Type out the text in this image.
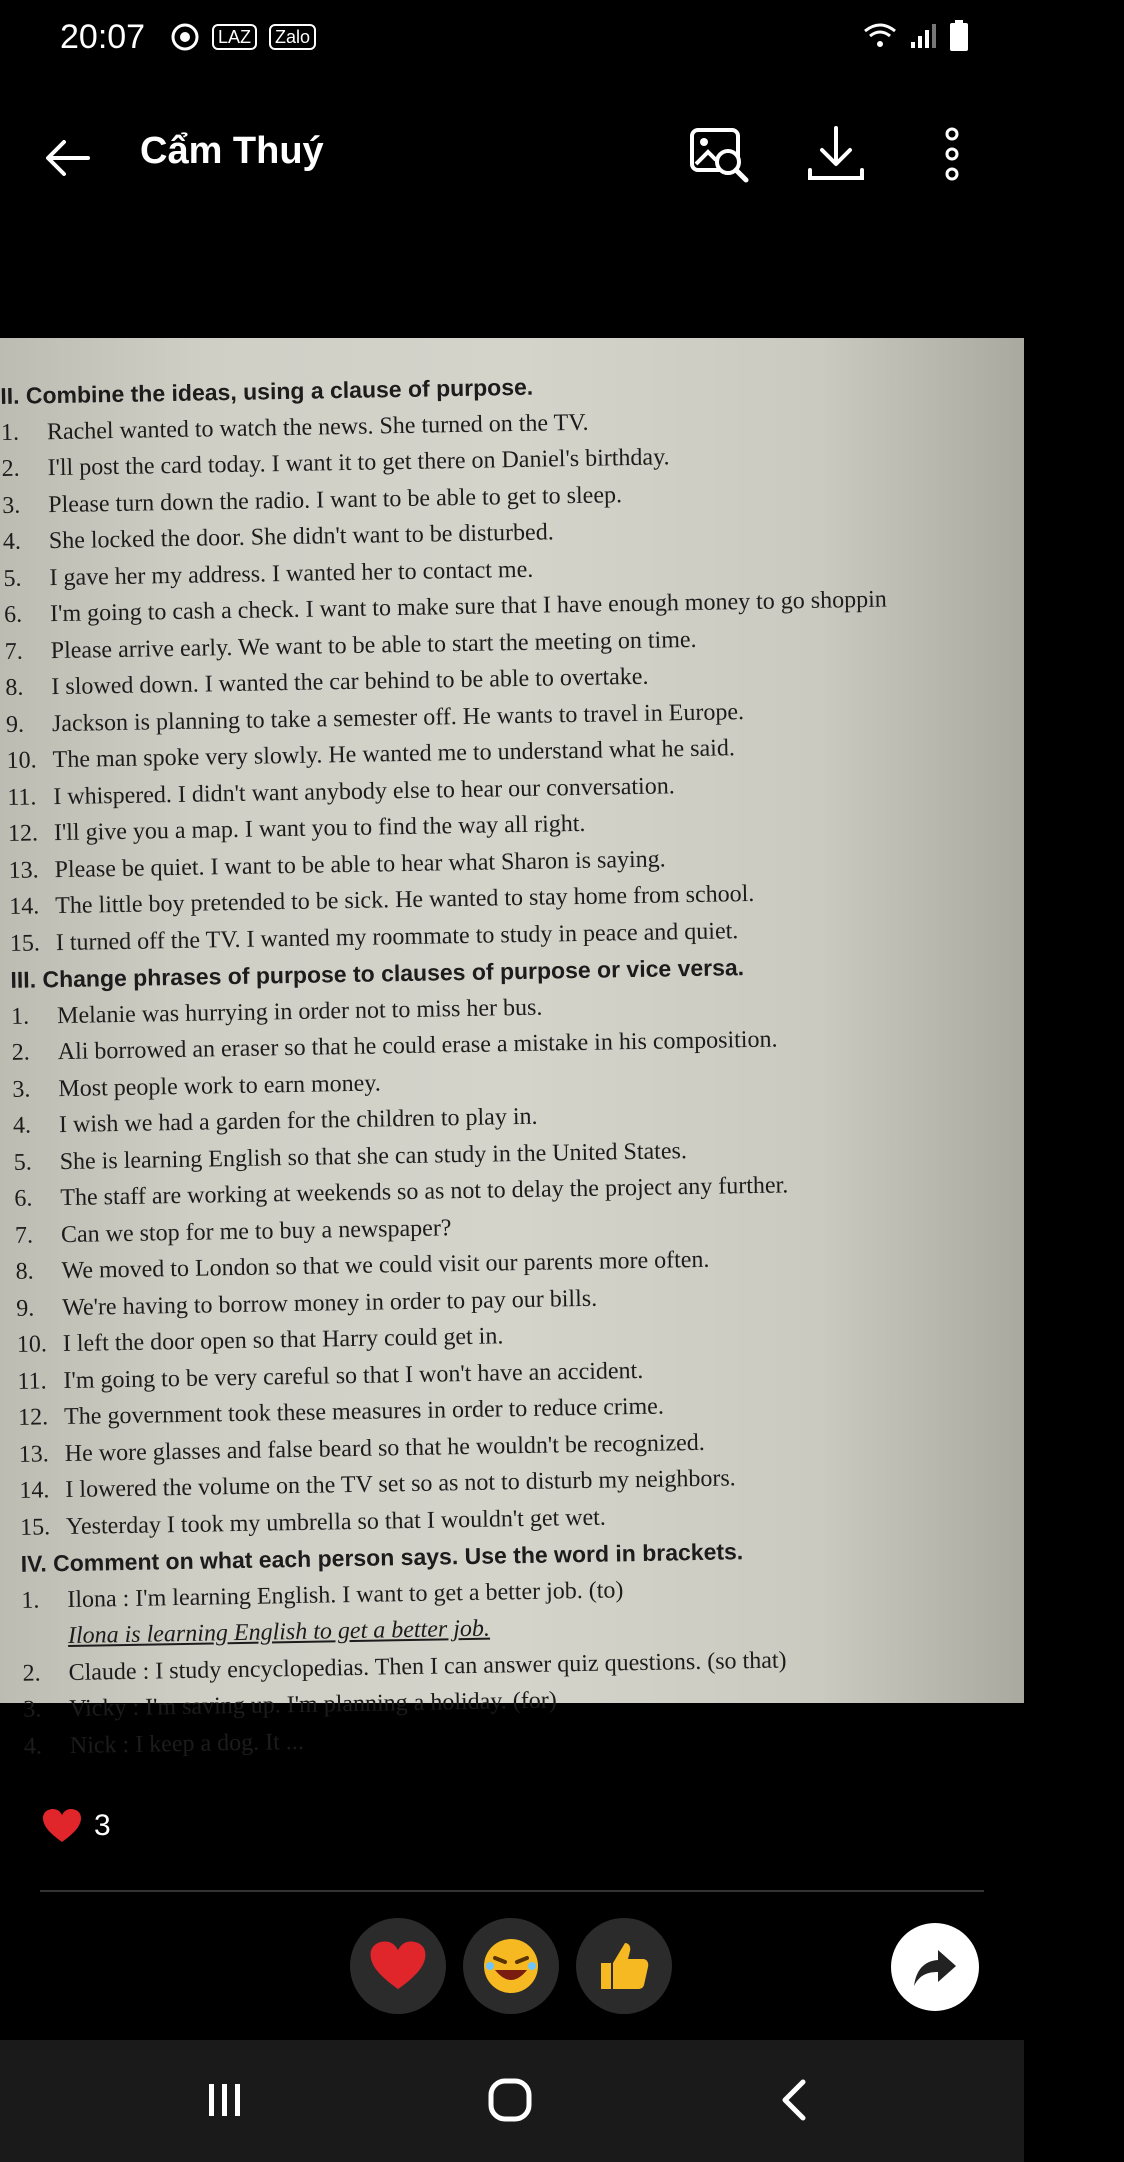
20:07	LAZ	Zalo
Cẩm Thuý
II. Combine the ideas, using a clause of purpose.
1. Rachel wanted to watch the news. She turned on the TV.
2. I'll post the card today. I want it to get there on Daniel's birthday.
3. Please turn down the radio. I want to be able to get to sleep.
4. She locked the door. She didn't want to be disturbed.
5. I gave her my address. I wanted her to contact me.
6. I'm going to cash a check. I want to make sure that I have enough money to go shoppin
7. Please arrive early. We want to be able to start the meeting on time.
8. I slowed down. I wanted the car behind to be able to overtake.
9. Jackson is planning to take a semester off. He wants to travel in Europe.
10. The man spoke very slowly. He wanted me to understand what he said.
11. I whispered. I didn't want anybody else to hear our conversation.
12. I'll give you a map. I want you to find the way all right.
13. Please be quiet. I want to be able to hear what Sharon is saying.
14. The little boy pretended to be sick. He wanted to stay home from school.
15. I turned off the TV. I wanted my roommate to study in peace and quiet.
III. Change phrases of purpose to clauses of purpose or vice versa.
1. Melanie was hurrying in order not to miss her bus.
2. Ali borrowed an eraser so that he could erase a mistake in his composition.
3. Most people work to earn money.
4. I wish we had a garden for the children to play in.
5. She is learning English so that she can study in the United States.
6. The staff are working at weekends so as not to delay the project any further.
7. Can we stop for me to buy a newspaper?
8. We moved to London so that we could visit our parents more often.
9. We're having to borrow money in order to pay our bills.
10. I left the door open so that Harry could get in.
11. I'm going to be very careful so that I won't have an accident.
12. The government took these measures in order to reduce crime.
13. He wore glasses and false beard so that he wouldn't be recognized.
14. I lowered the volume on the TV set so as not to disturb my neighbors.
15. Yesterday I took my umbrella so that I wouldn't get wet.
IV. Comment on what each person says. Use the word in brackets.
1. Ilona : I'm learning English. I want to get a better job. (to)
Ilona is learning English to get a better job.
2. Claude : I study encyclopedias. Then I can answer quiz questions. (so that)
3. Vicky : I'm saving up. I'm planning a holiday. (for)
4. Nick : I keep a dog. It ...
3
